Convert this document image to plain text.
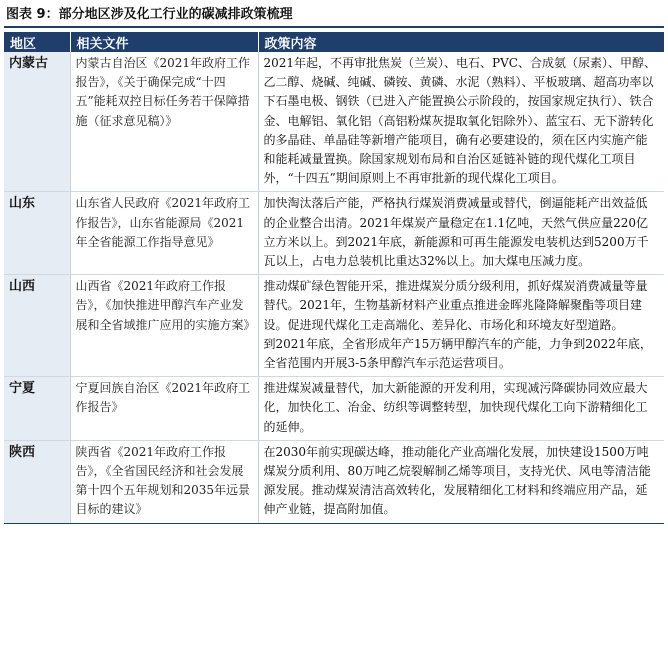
图表 9：部分地区涉及化工行业的碳减排政策梳理
地区	相关文件	政策内容
内蒙古	内蒙古自治区《2021年政府工作报告》，《关于确保完成“十四五”能耗双控目标任务若干保障措施（征求意见稿）》	2021年起，不再审批焦炭（兰炭）、电石、PVC、合成氨（尿素）、甲醇、乙二醇、烧碱、纯碱、磷铵、黄磷、水泥（熟料）、平板玻璃、超高功率以下石墨电极、钢铁（已进入产能置换公示阶段的，按国家规定执行）、铁合金、电解铝、氧化铝（高铝粉煤灰提取氧化铝除外）、蓝宝石、无下游转化的多晶硅、单晶硅等新增产能项目，确有必要建设的，须在区内实施产能和能耗减量置换。除国家规划布局和自治区延链补链的现代煤化工项目外，“十四五”期间原则上不再审批新的现代煤化工项目。
山东	山东省人民政府《2021年政府工作报告》，山东省能源局《2021年全省能源工作指导意见》	加快淘汰落后产能，严格执行煤炭消费减量或替代，倒逼能耗产出效益低的企业整合出清。2021年煤炭产量稳定在1.1亿吨，天然气供应量220亿立方米以上。到2021年底，新能源和可再生能源发电装机达到5200万千瓦以上，占电力总装机比重达32%以上。加大煤电压减力度。
山西	山西省《2021年政府工作报告》，《加快推进甲醇汽车产业发展和全省域推广应用的实施方案》	推动煤矿绿色智能开采，推进煤炭分质分级利用，抓好煤炭消费减量等量替代。2021年，生物基新材料产业重点推进金晖兆隆降解聚酯等项目建设。促进现代煤化工走高端化、差异化、市场化和环境友好型道路。
到2021年底，全省形成年产15万辆甲醇汽车的产能，力争到2022年底，全省范围内开展3-5条甲醇汽车示范运营项目。

宁夏	宁夏回族自治区《2021年政府工作报告》	推进煤炭减量替代，加大新能源的开发利用，实现减污降碳协同效应最大化，加快化工、冶金、纺织等调整转型，加快现代煤化工向下游精细化工的延伸。
陕西	陕西省《2021年政府工作报告》，《全省国民经济和社会发展第十四个五年规划和2035年远景目标的建议》	在2030年前实现碳达峰，推动能化产业高端化发展，加快建设1500万吨煤炭分质利用、80万吨乙烷裂解制乙烯等项目，支持光伏、风电等清洁能源发展。推动煤炭清洁高效转化，发展精细化工材料和终端应用产品，延伸产业链，提高附加值。
